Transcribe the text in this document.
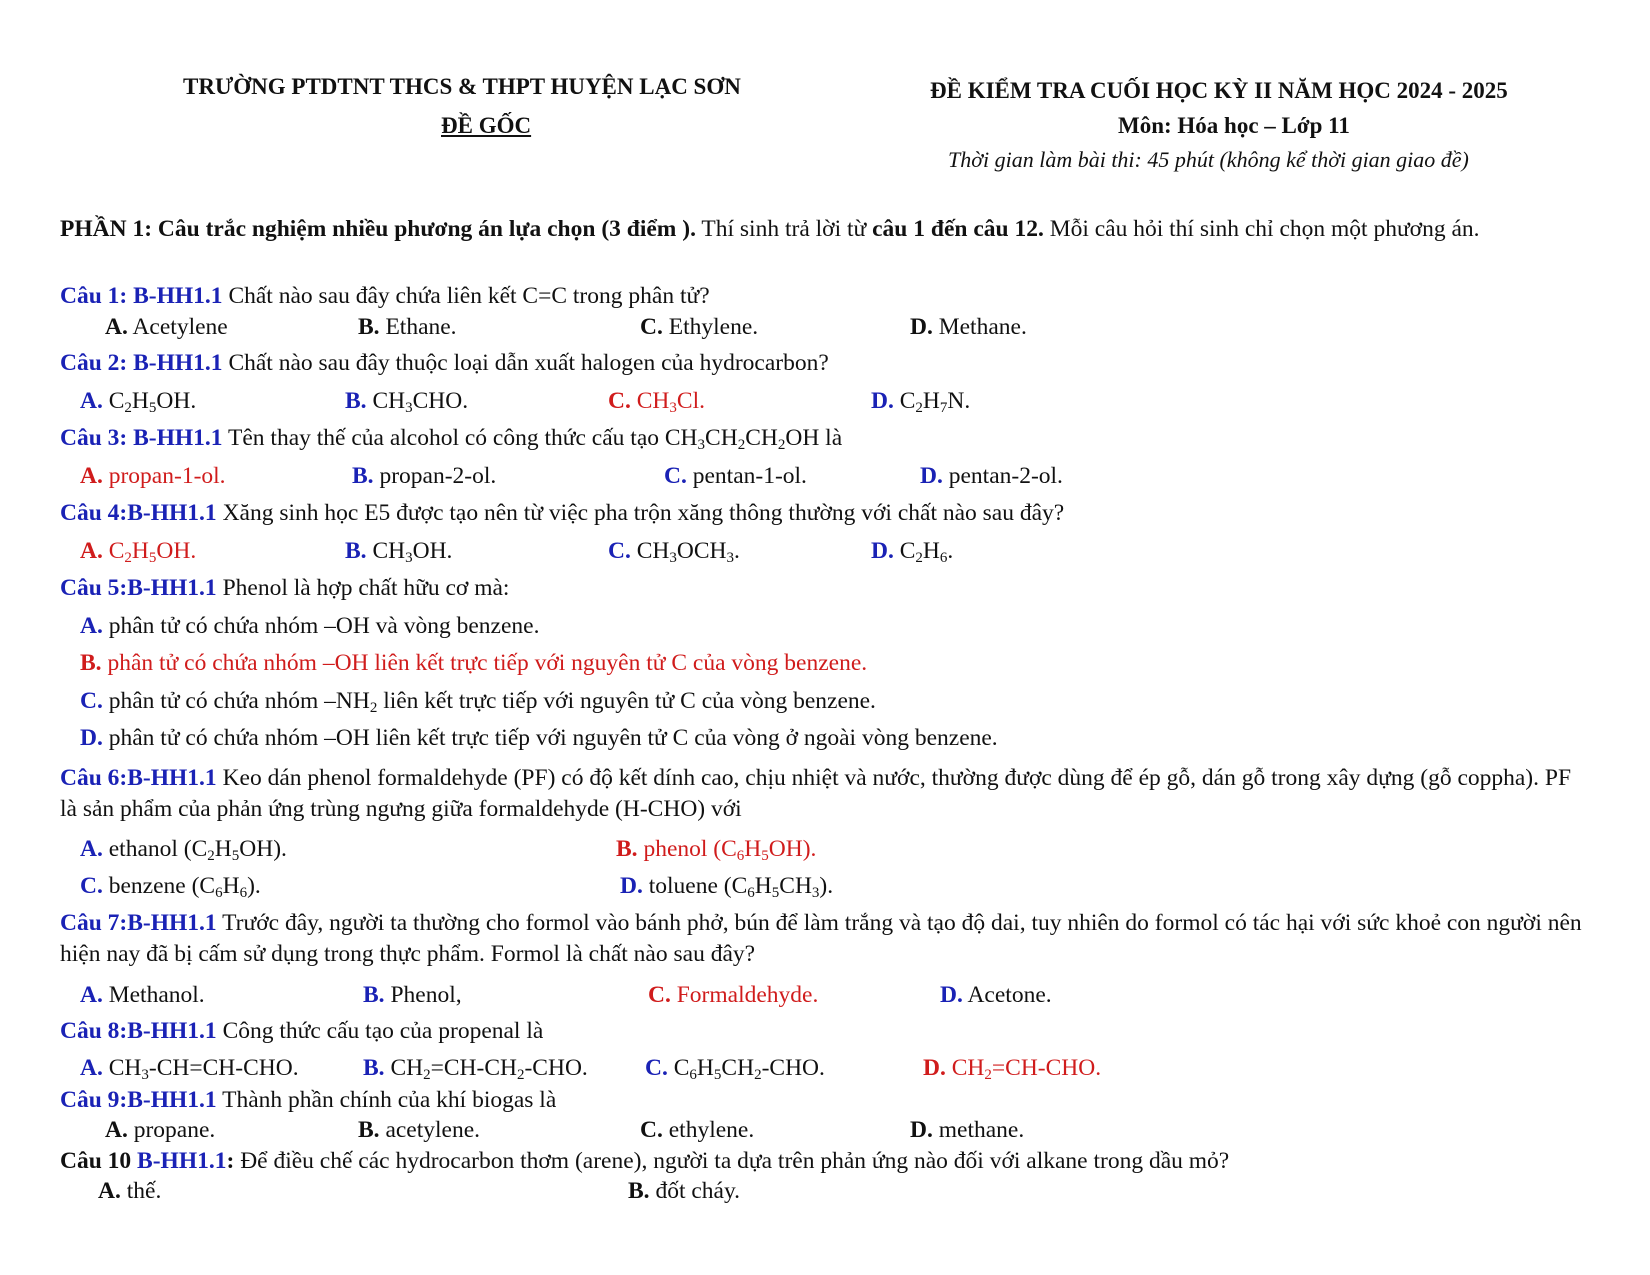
TRƯỜNG PTDTNT THCS & THPT HUYỆN LẠC SƠN
ĐỀ GỐC
ĐỀ KIỂM TRA CUỐI HỌC KỲ II NĂM HỌC 2024 - 2025
Môn: Hóa học – Lớp 11
Thời gian làm bài thi: 45 phút (không kể thời gian giao đề)
PHẦN 1: Câu trắc nghiệm nhiều phương án lựa chọn (3 điểm ). Thí sinh trả lời từ câu 1 đến câu 12. Mỗi câu hỏi thí sinh chỉ chọn một phương án.
Câu 1: B-HH1.1 Chất nào sau đây chứa liên kết C=C trong phân tử?
A. Acetylene	B. Ethane.	C. Ethylene.	D. Methane.
Câu 2: B-HH1.1 Chất nào sau đây thuộc loại dẫn xuất halogen của hydrocarbon?
A. $C_2H_5OH$.	B. $CH_3CHO$.	C. $CH_3Cl$.	D. $C_2H_7N$.
Câu 3: B-HH1.1 Tên thay thế của alcohol có công thức cấu tạo $CH_3CH_2CH_2OH$ là
A. propan-1-ol.	B. propan-2-ol.	C. pentan-1-ol.	D. pentan-2-ol.
Câu 4:B-HH1.1 Xăng sinh học E5 được tạo nên từ việc pha trộn xăng thông thường với chất nào sau đây?
A. $C_2H_5OH$.	B. $CH_3OH$.	C. $CH_3OCH_3$.	D. $C_2H_6$.
Câu 5:B-HH1.1 Phenol là hợp chất hữu cơ mà:
A. phân tử có chứa nhóm –OH và vòng benzene.
B. phân tử có chứa nhóm –OH liên kết trực tiếp với nguyên tử C của vòng benzene.
C. phân tử có chứa nhóm $-NH_2$ liên kết trực tiếp với nguyên tử C của vòng benzene.
D. phân tử có chứa nhóm –OH liên kết trực tiếp với nguyên tử C của vòng ở ngoài vòng benzene.
Câu 6:B-HH1.1 Keo dán phenol formaldehyde (PF) có độ kết dính cao, chịu nhiệt và nước, thường được dùng để ép gỗ, dán gỗ trong xây dựng (gỗ coppha). PF là sản phẩm của phản ứng trùng ngưng giữa formaldehyde (H-CHO) với
A. ethanol $(C_2H_5OH)$.	B. phenol $(C_6H_5OH)$.
C. benzene $(C_6H_6)$.	D. toluene $(C_6H_5CH_3)$.
Câu 7:B-HH1.1 Trước đây, người ta thường cho formol vào bánh phở, bún để làm trắng và tạo độ dai, tuy nhiên do formol có tác hại với sức khoẻ con người nên hiện nay đã bị cấm sử dụng trong thực phẩm. Formol là chất nào sau đây?
A. Methanol.	B. Phenol,	C. Formaldehyde.	D. Acetone.
Câu 8:B-HH1.1 Công thức cấu tạo của propenal là
A. $CH_3-CH=CH$-CHO.	B. $CH_2=CH-CH_2$-CHO. C. $C_6H_5CH_2$-CHO.	D. $CH_2=CH$-CHO.
Câu 9:B-HH1.1 Thành phần chính của khí biogas là
A. propane.	B. acetylene.	C. ethylene.	D. methane.
Câu 10 B-HH1.1: Để điều chế các hydrocarbon thơm (arene), người ta dựa trên phản ứng nào đối với alkane trong dầu mỏ?
A. thế.	B. đốt cháy.
